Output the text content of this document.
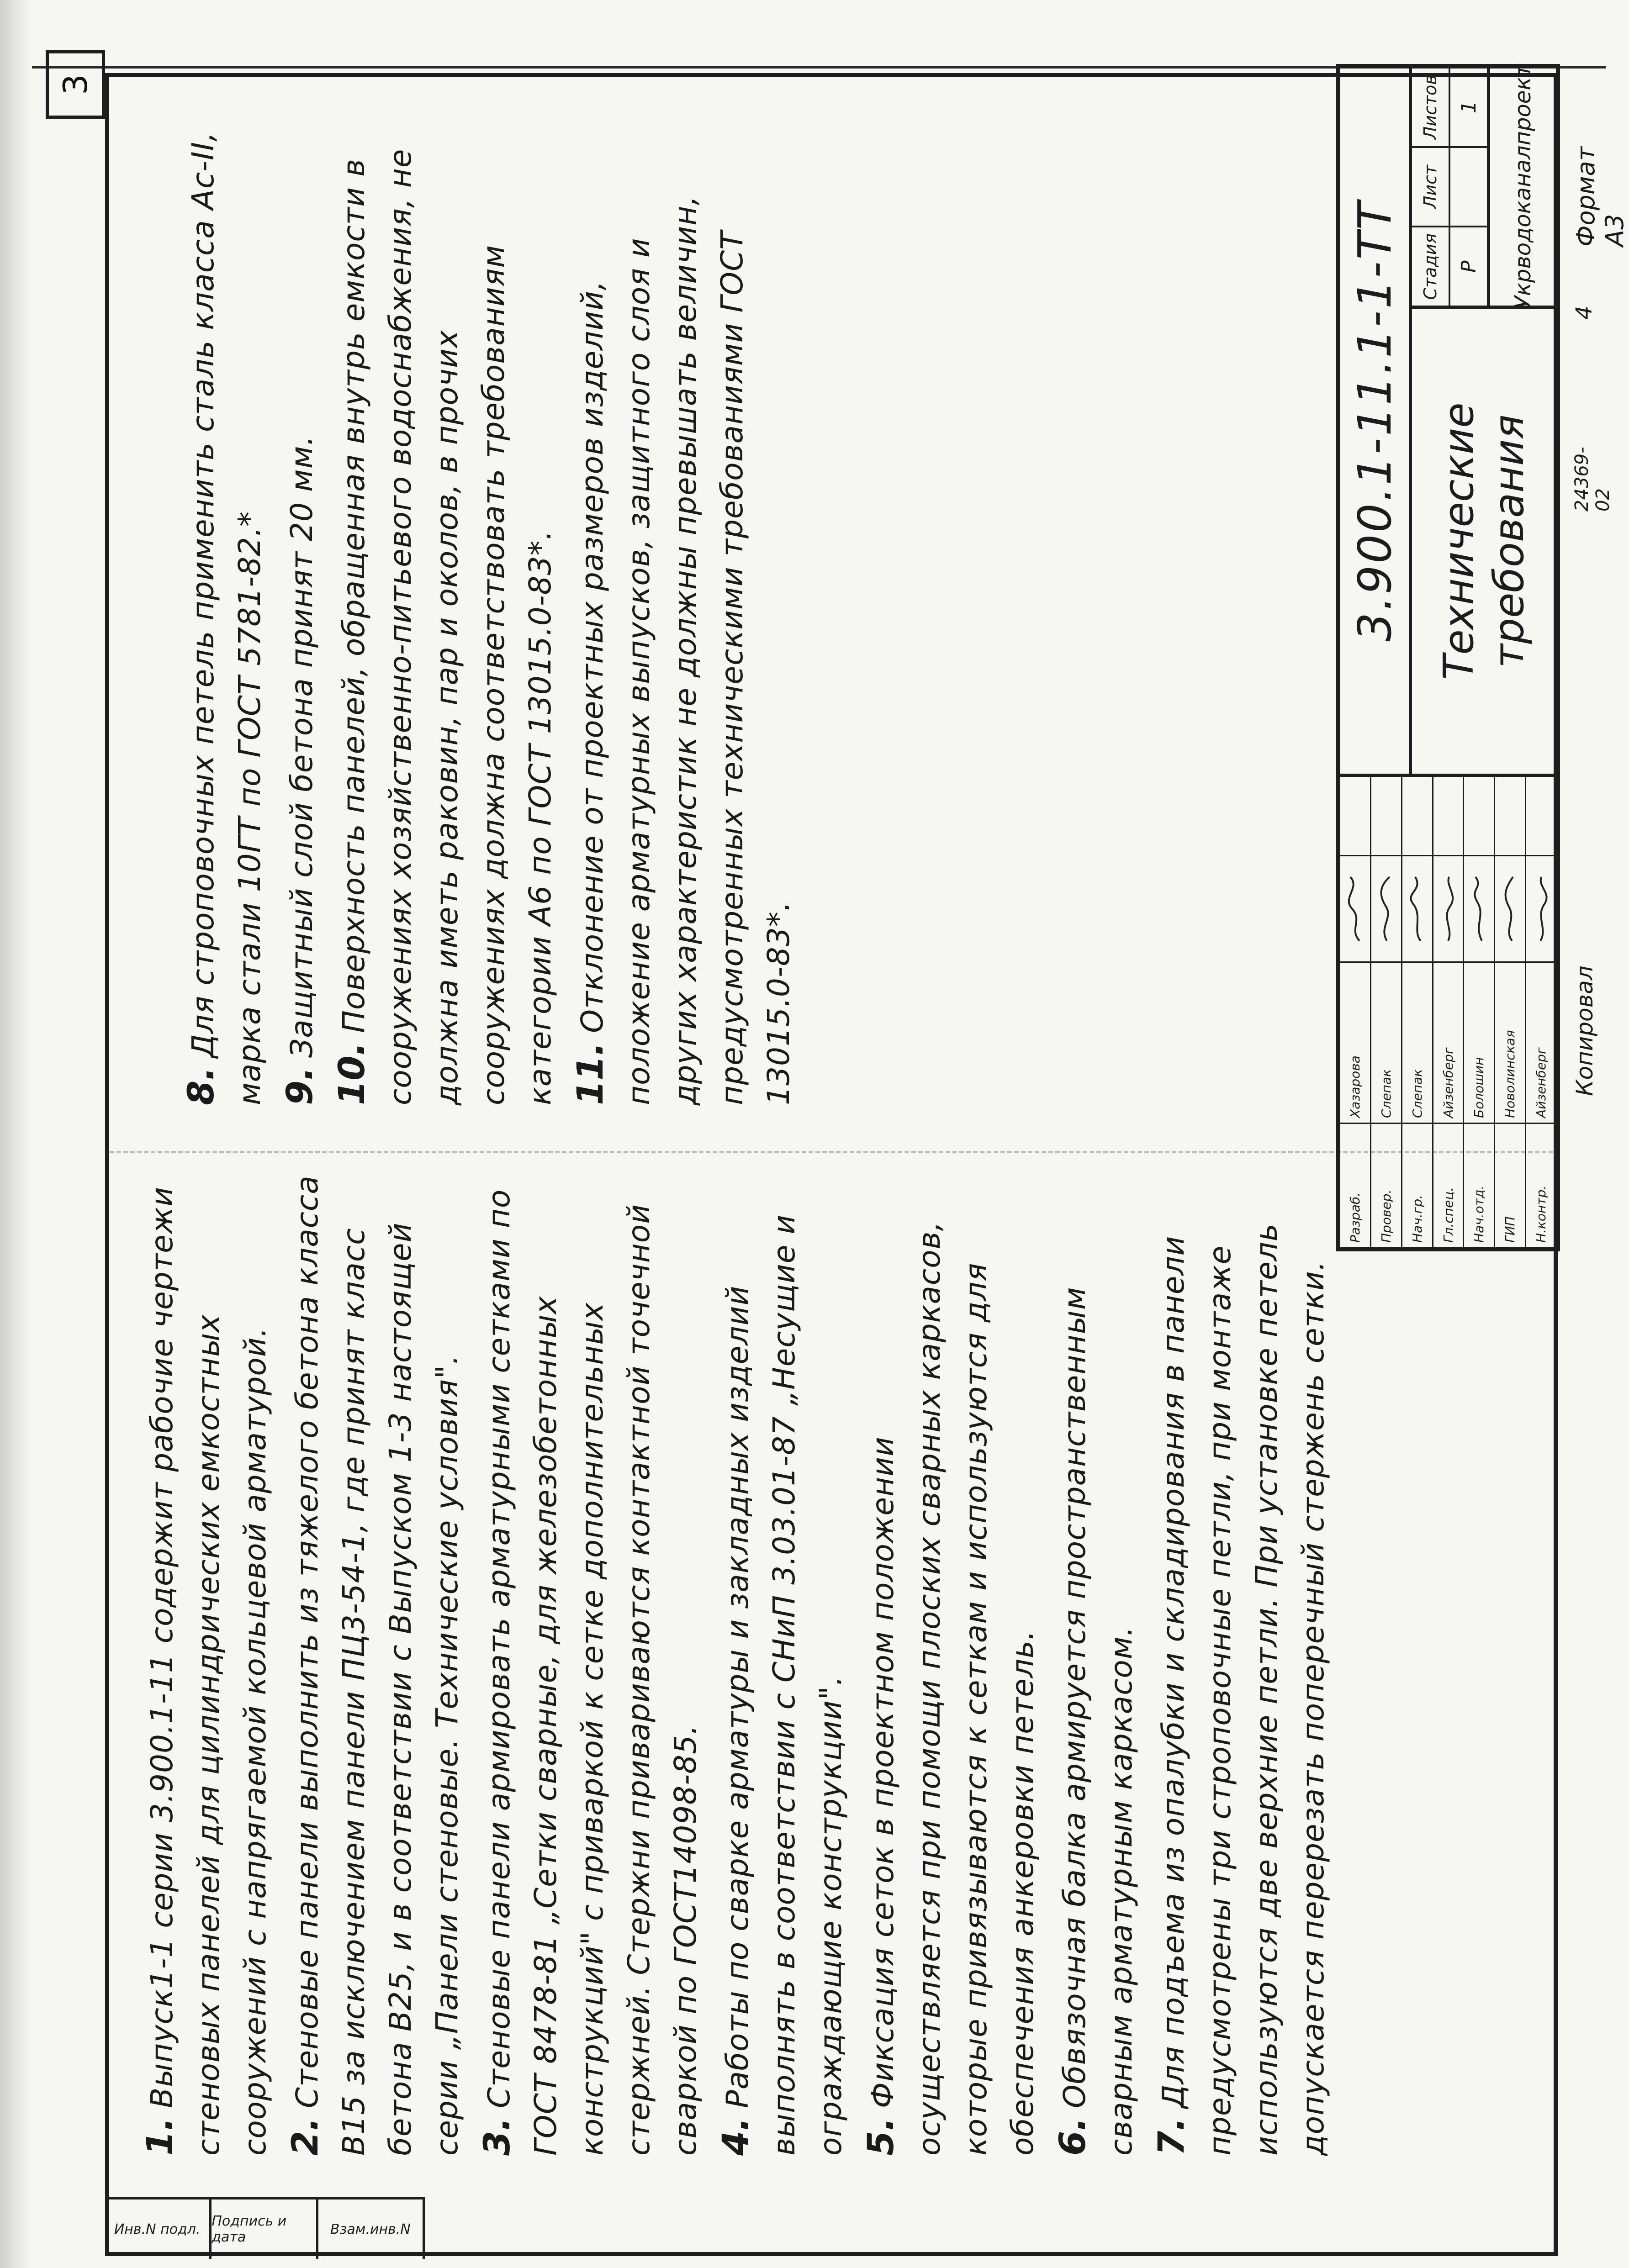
3

1.Выпуск1-1 серии 3.900.1-11 содержит рабочие чертежи стеновых панелей для цилиндрических емкостных сооружений с напрягаемой кольцевой арматурой. 2.Стеновые панели выполнить из тяжелого бетона класса В15 за исключением панели ПЦ3-54-1, где принят класс бетона В25, и в соответствии с Выпуском 1-3 настоящей серии „Панели стеновые. Технические условия". 3.Стеновые панели армировать арматурными сетками по ГОСТ 8478-81 „Сетки сварные, для железобетонных конструкций" с приваркой к сетке дополнительных стержней. Стержни привариваются контактной точечной сваркой по ГОСТ14098-85. 4.Работы по сварке арматуры и закладных изделий выполнять в соответствии с СНиП 3.03.01-87 „Несущие и ограждающие конструкции". 5.Фиксация сеток в проектном положении осуществляется при помощи плоских сварных каркасов, которые привязываются к сеткам и используются для обеспечения анкеровки петель. 6.Обвязочная балка армируется пространственным сварным арматурным каркасом. 7.Для подъема из опалубки и складирования в панели предусмотрены три строповочные петли, при монтаже используются две верхние петли. При установке петель допускается перерезать поперечный стержень сетки.

8.Для строповочных петель применить сталь класса Ас-II, марка стали 10ГТ по ГОСТ 5781-82.* 9.Защитный слой бетона принят 20 мм.

10.Поверхность панелей, обращенная внутрь емкости в сооружениях хозяйственно-питьевого водоснабжения, не должна иметь раковин, пар и околов, в прочих сооружениях должна соответствовать требованиям категории А6 по ГОСТ 13015.0-83*. 11.Отклонение от проектных размеров изделий, положение арматурных выпусков, защитного слоя и других характеристик не должны превышать величин, предусмотренных техническими требованиями ГОСТ 13015.0-83*.

Разраб.
Хазарова
Провер.
Слепак
Нач.гр.
Слепак
Гл.спец.
Айзенберг
Нач.отд.
Болошин
ГИП
Новолинская
Н.контр.
Айзенберг
3.900.1-11.1-1-ТТ Технические требования
Стадия
Лист
Листов
Р
1	Укрводоканалпроект
Копировал
24369-02
4
Формат А3
Инв.N подл. Подпись и дата	Взам.инв.N
